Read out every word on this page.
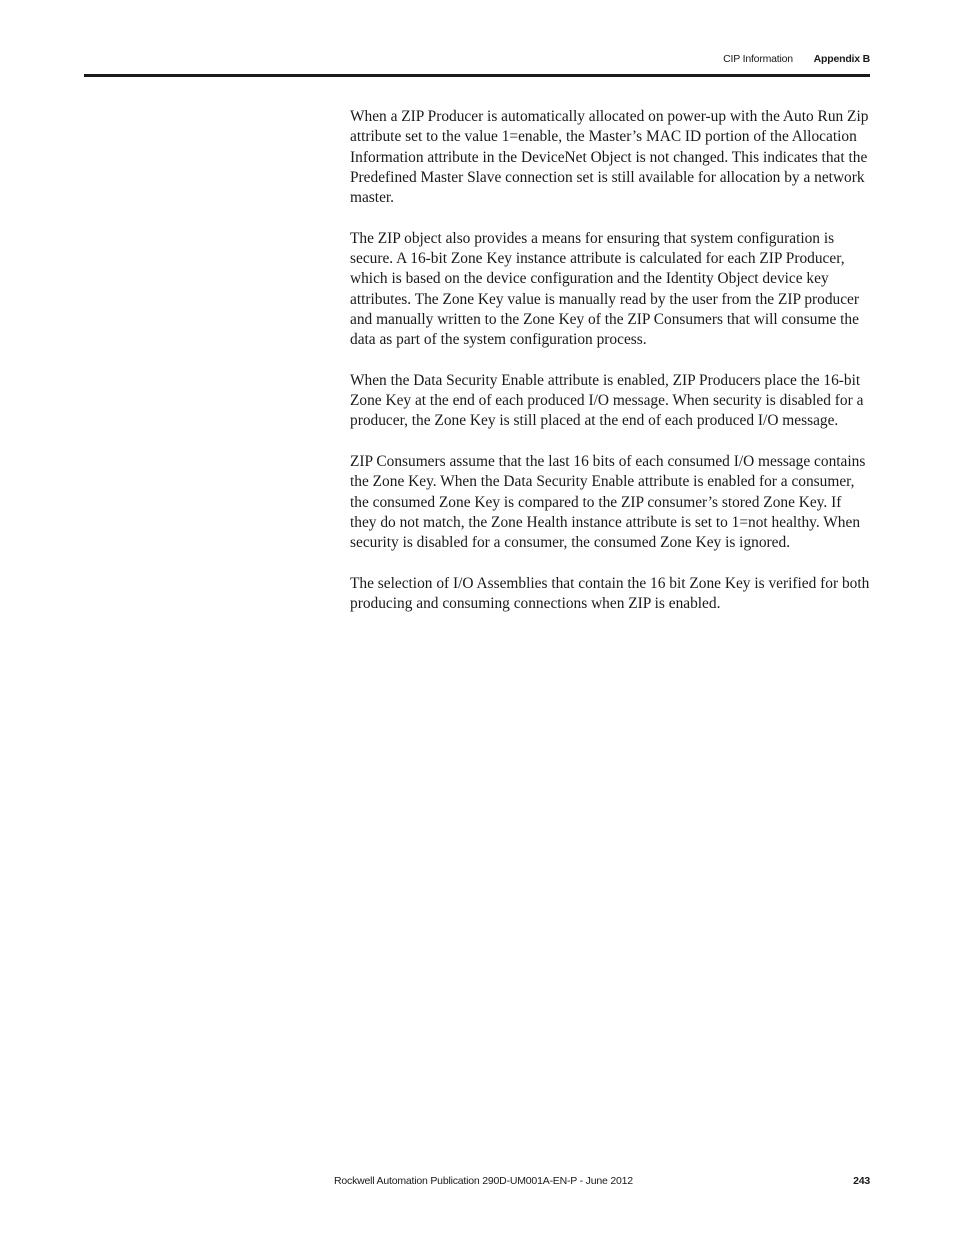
CIP Information Appendix B

When a ZIP Producer is automatically allocated on power-up with the Auto Run Zip attribute set to the value 1=enable, the Master’s MAC ID portion of the Allocation Information attribute in the DeviceNet Object is not changed. This indicates that the Predefined Master Slave connection set is still available for allocation by a network master.

The ZIP object also provides a means for ensuring that system configuration is secure. A 16-bit Zone Key instance attribute is calculated for each ZIP Producer, which is based on the device configuration and the Identity Object device key attributes. The Zone Key value is manually read by the user from the ZIP producer and manually written to the Zone Key of the ZIP Consumers that will consume the data as part of the system configuration process.

When the Data Security Enable attribute is enabled, ZIP Producers place the 16-bit Zone Key at the end of each produced I/O message. When security is disabled for a producer, the Zone Key is still placed at the end of each produced I/O message.

ZIP Consumers assume that the last 16 bits of each consumed I/O message contains the Zone Key. When the Data Security Enable attribute is enabled for a consumer, the consumed Zone Key is compared to the ZIP consumer’s stored Zone Key. If they do not match, the Zone Health instance attribute is set to 1=not healthy. When security is disabled for a consumer, the consumed Zone Key is ignored.

The selection of I/O Assemblies that contain the 16 bit Zone Key is verified for both producing and consuming connections when ZIP is enabled.

Rockwell Automation Publication 290D-UM001A-EN-P - June 2012	243
